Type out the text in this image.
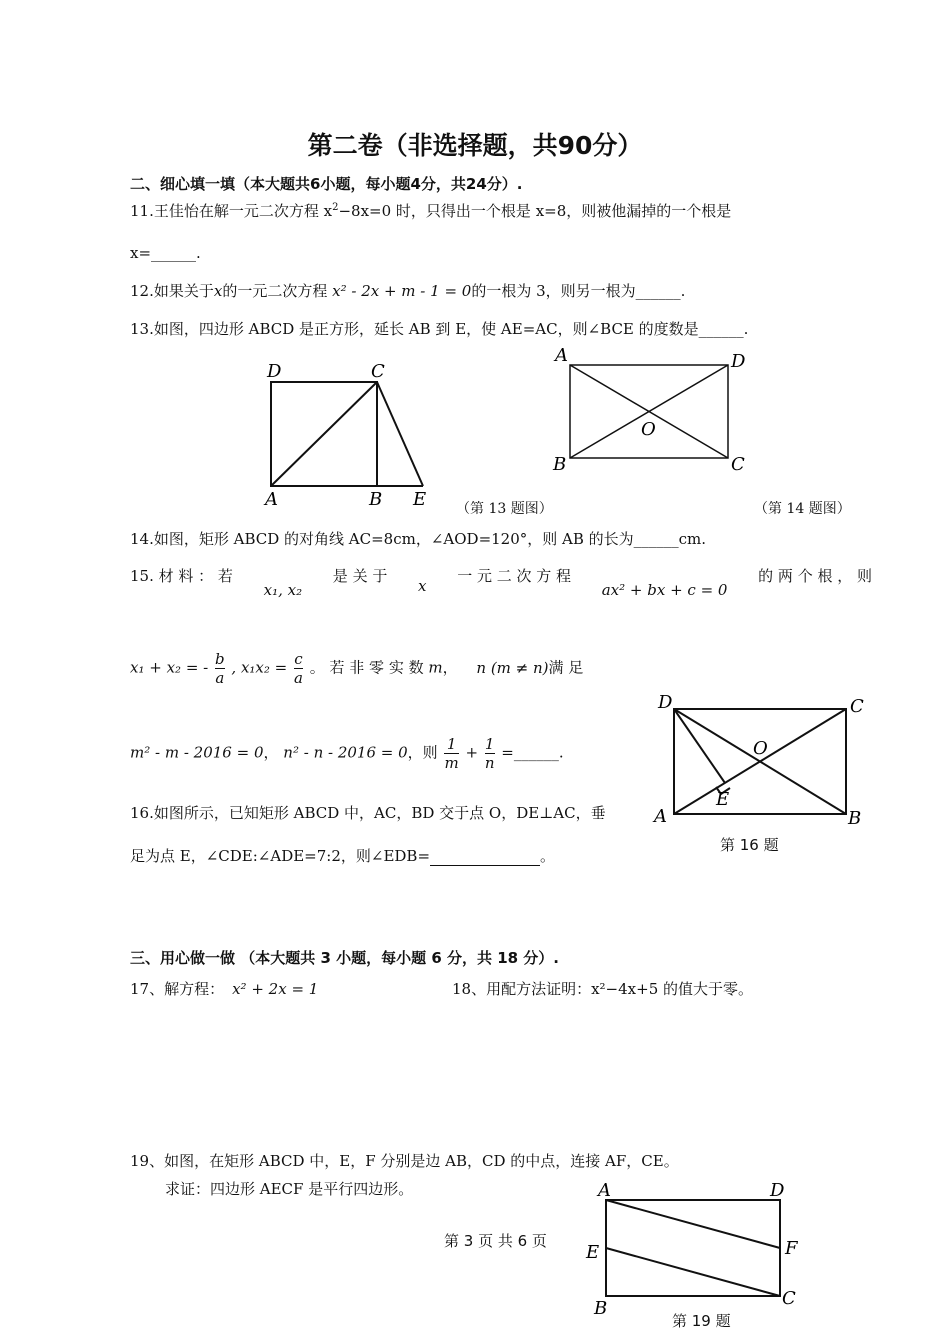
第二卷（非选择题，共90分）
二、细心填一填（本大题共6小题，每小题4分，共24分）.
11.王佳怡在解一元二次方程 $x^2-8x=0$ 时，只得出一个根是 x=8，则被他漏掉的一个根是
x=______.
12.如果关于x的一元二次方程 x² - 2x + m - 1 = 0的一根为 3，则另一根为______.
13.如图，四边形 ABCD 是正方形，延长 AB 到 E，使 AE=AC，则∠BCE 的度数是______.
D	C
A	B E （第 13 题图）
A	D
O
B	C
（第 14 题图）
14.如图，矩形 ABCD 的对角线 AC=8cm，∠AOD=120°，则 AB 的长为______cm.
15. 材 料 ： 若
x₁, x₂
是 关 于
x
一 元 二 次 方 程
ax² + bx + c = 0
的 两 个 根 ， 则
x₁ + x₂ = - $\frac{b}{a}$ , $x_1x_2 = \frac{c}{a}$ 。 若 非 零 实 数 m， n (m ≠ n)满 足
m² - m - 2016 = 0， n² - n - 2016 = 0，则 $\frac{1}{m} + \frac{1}{n}$ =______.
D	C
O
E
A	B
第 16 题
16.如图所示，已知矩形 ABCD 中，AC，BD 交于点 O，DE⊥AC，垂
足为点 E，∠CDE:∠ADE=7:2，则∠EDB=	。
三、用心做一做 （本大题共 3 小题，每小题 6 分，共 18 分）.
17、解方程： x² + 2x = 1	18、用配方法证明：x²−4x+5 的值大于零。
19、如图，在矩形 ABCD 中，E，F 分别是边 AB，CD 的中点，连接 AF，CE。
求证：四边形 AECF 是平行四边形。	A	D
E	F
B	C
第 19 题
第 3 页 共 6 页
